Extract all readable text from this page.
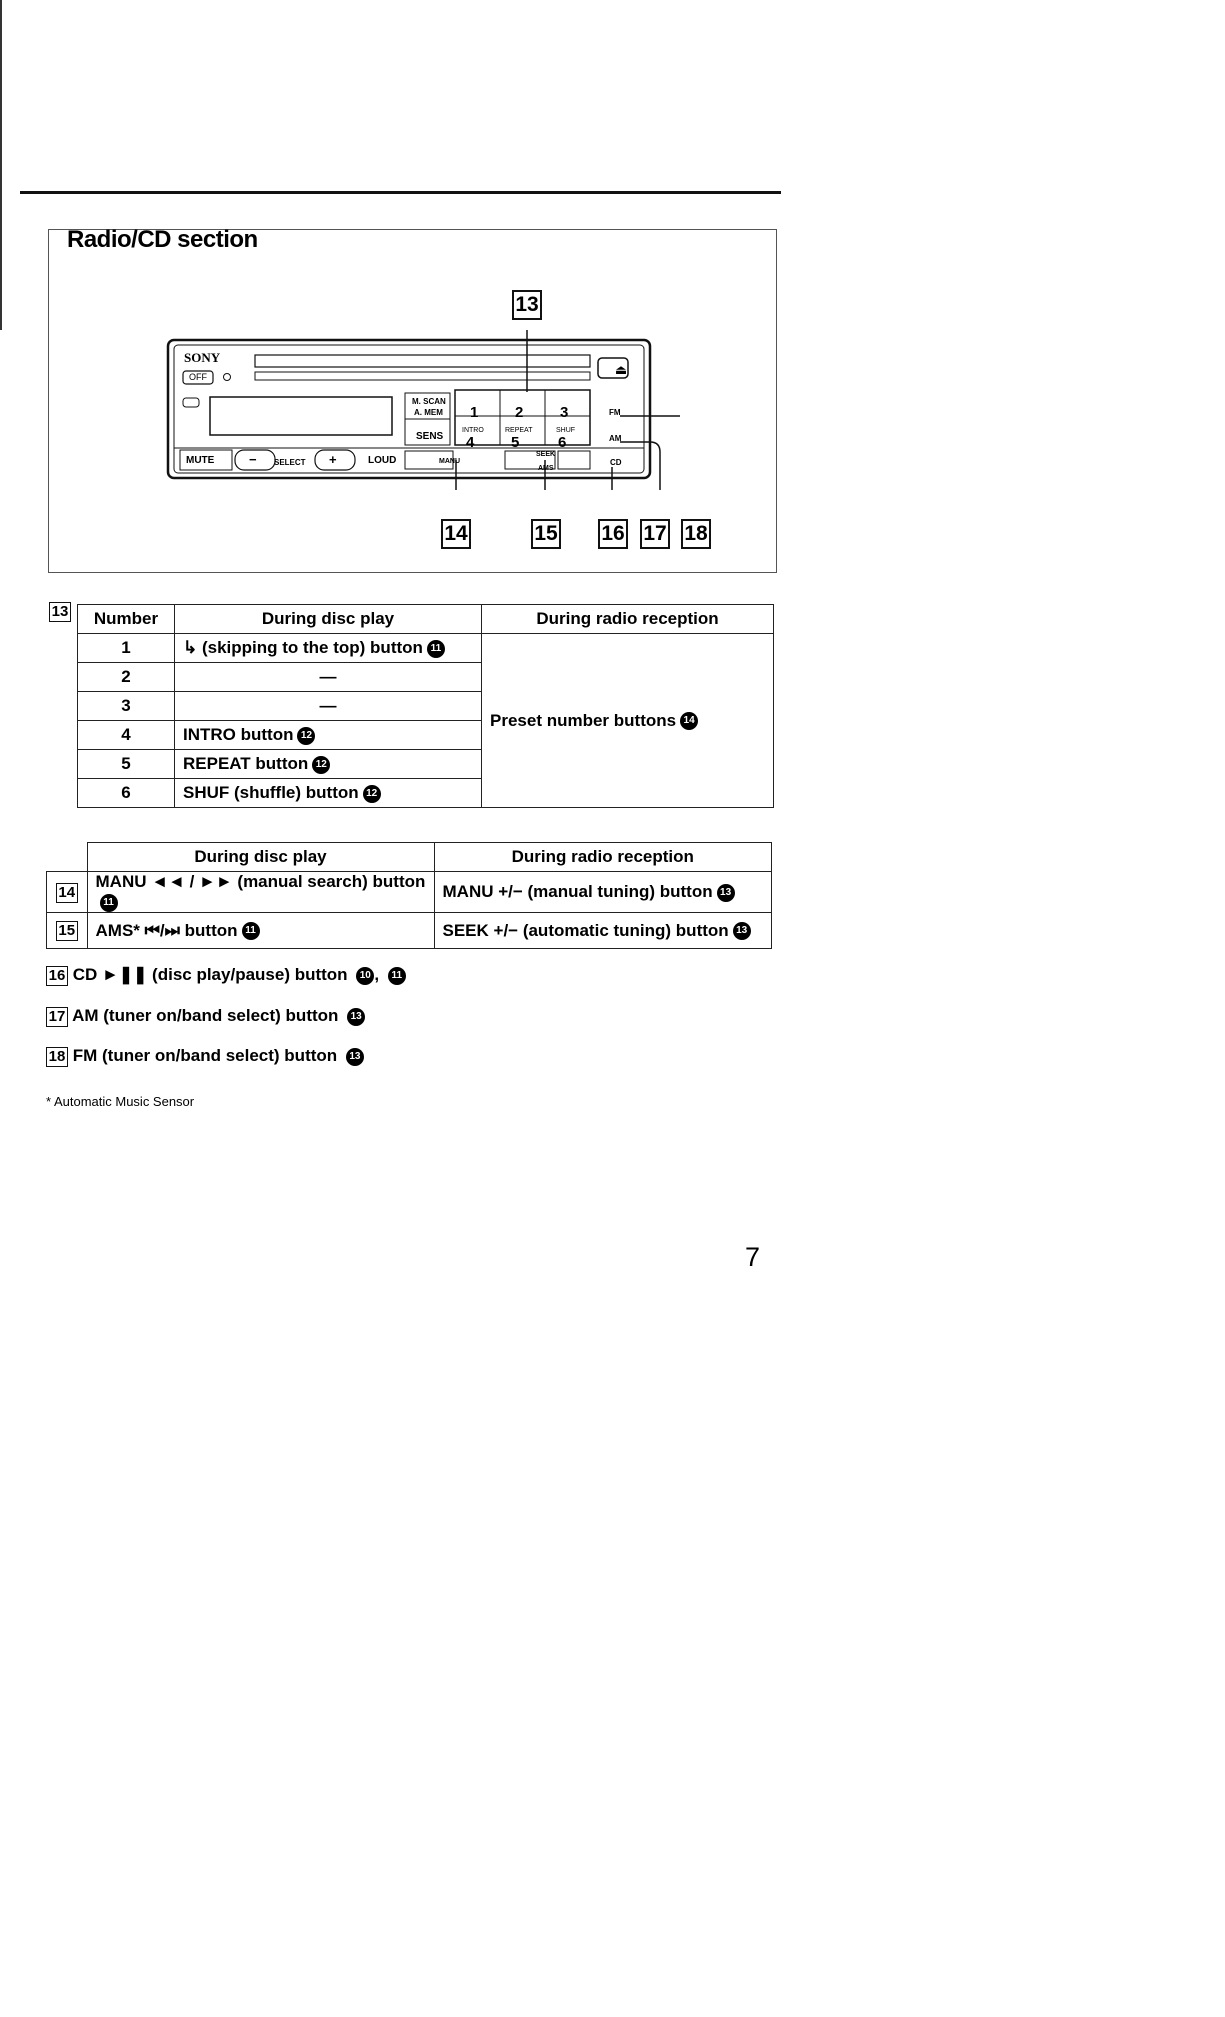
Radio/CD section
SONY
OFF	⏏
M. SCAN
A. MEM
SENS
1 2 3
INTRO	REPEAT	SHUF
4 5	6
FM
AM
CD
MUTE	− SELECT +	LOUD	MANU
SEEK
AMS
13
14	15 16 17 18
13 Number	During disc play	During radio reception
1	↳ (skipping to the top) button 11	Preset number buttons 14
2	—	
3	—	
4	INTRO button 12	
5	REPEAT button 12	
6	SHUF (shuffle) button 12	
	During disc play	During radio reception
14	MANU ◄◄ / ►► (manual search) button11	MANU +/− (manual tuning) button 13
15	AMS* ⏮/⏭ button 11	SEEK +/− (automatic tuning) button 13
16 CD ►❚❚ (disc play/pause) button 10 , 11
17 AM (tuner on/band select) button 13
18 FM (tuner on/band select) button 13
* Automatic Music Sensor
7
